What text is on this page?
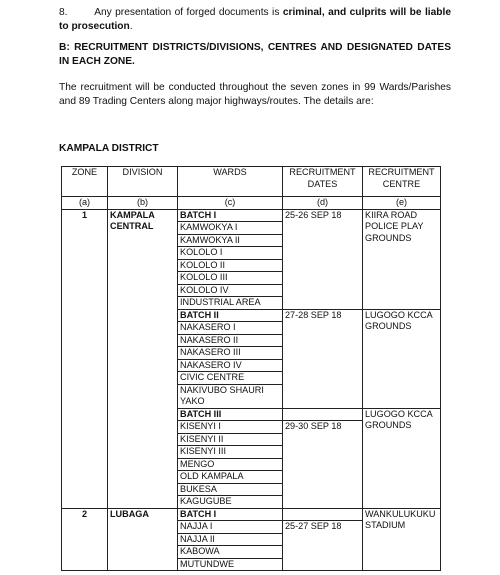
8.	Any presentation of forged documents is criminal, and culprits will be liable to prosecution.
B: RECRUITMENT DISTRICTS/DIVISIONS, CENTRES AND DESIGNATED DATES IN EACH ZONE.
The recruitment will be conducted throughout the seven zones in 99 Wards/Parishes and 89 Trading Centers along major highways/routes. The details are:
KAMPALA DISTRICT
ZONE	DIVISION	WARDS	RECRUITMENT DATES	RECRUITMENT CENTRE
(a)	(b)	(c)	(d)	(e)
1	KAMPALA CENTRAL	BATCH I	25-26 SEP 18	KIIRA ROAD POLICE PLAY GROUNDS
		KAMWOKYA I		
		KAMWOKYA II		
		KOLOLO I		
		KOLOLO II		
		KOLOLO III		
		KOLOLO IV		
		INDUSTRIAL AREA		
		BATCH II	27-28 SEP 18	LUGOGO KCCA GROUNDS
		NAKASERO I		
		NAKASERO II		
		NAKASERO III		
		NAKASERO IV		
		CIVIC CENTRE		
		NAKIVUBO SHAURI YAKO		
		BATCH III		LUGOGO KCCA GROUNDS
		KISENYI I	29-30 SEP 18	
		KISENYI II		
		KISENYI III		
		MENGO		
		OLD KAMPALA		
		BUKESA		
		KAGUGUBE		
2	LUBAGA	BATCH I		WANKULUKUKU STADIUM
		NAJJA I	25-27 SEP 18	
		NAJJA II		
		KABOWA		
		MUTUNDWE		
